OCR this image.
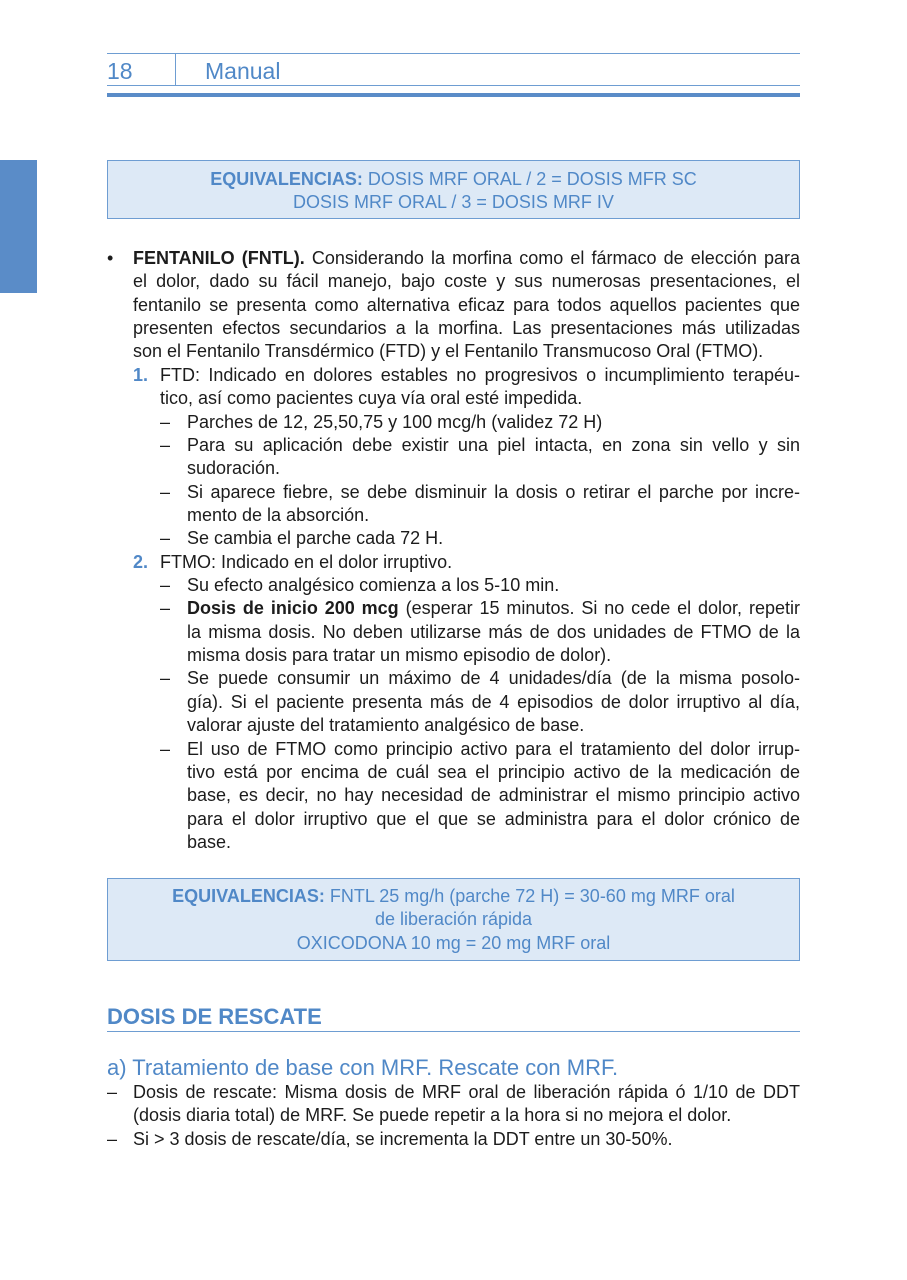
18	Manual
EQUIVALENCIAS: DOSIS MRF ORAL / 2 = DOSIS MFR SC
DOSIS MRF ORAL / 3 = DOSIS MRF IV
• FENTANILO (FNTL). Considerando la morfina como el fármaco de elección para
el dolor, dado su fácil manejo, bajo coste y sus numerosas presentaciones, el
fentanilo se presenta como alternativa eficaz para todos aquellos pacientes que
presenten efectos secundarios a la morfina. Las presentaciones más utilizadas
son el Fentanilo Transdérmico (FTD) y el Fentanilo Transmucoso Oral (FTMO).
1. FTD: Indicado en dolores estables no progresivos o incumplimiento terapéu-
tico, así como pacientes cuya vía oral esté impedida.
– Parches de 12, 25,50,75 y 100 mcg/h (validez 72 H)
– Para su aplicación debe existir una piel intacta, en zona sin vello y sin
sudoración.
– Si aparece fiebre, se debe disminuir la dosis o retirar el parche por incre-
mento de la absorción.
– Se cambia el parche cada 72 H.
2. FTMO: Indicado en el dolor irruptivo.
– Su efecto analgésico comienza a los 5-10 min.
– Dosis de inicio 200 mcg (esperar 15 minutos. Si no cede el dolor, repetir
la misma dosis. No deben utilizarse más de dos unidades de FTMO de la
misma dosis para tratar un mismo episodio de dolor).
– Se puede consumir un máximo de 4 unidades/día (de la misma posolo-
gía). Si el paciente presenta más de 4 episodios de dolor irruptivo al día,
valorar ajuste del tratamiento analgésico de base.
– El uso de FTMO como principio activo para el tratamiento del dolor irrup-
tivo está por encima de cuál sea el principio activo de la medicación de
base, es decir, no hay necesidad de administrar el mismo principio activo
para el dolor irruptivo que el que se administra para el dolor crónico de
base.
EQUIVALENCIAS: FNTL 25 mg/h (parche 72 H) = 30-60 mg MRF oral
de liberación rápida
OXICODONA 10 mg = 20 mg MRF oral
DOSIS DE RESCATE
a) Tratamiento de base con MRF. Rescate con MRF.
– Dosis de rescate: Misma dosis de MRF oral de liberación rápida ó 1/10 de DDT
(dosis diaria total) de MRF. Se puede repetir a la hora si no mejora el dolor.
– Si > 3 dosis de rescate/día, se incrementa la DDT entre un 30-50%.
